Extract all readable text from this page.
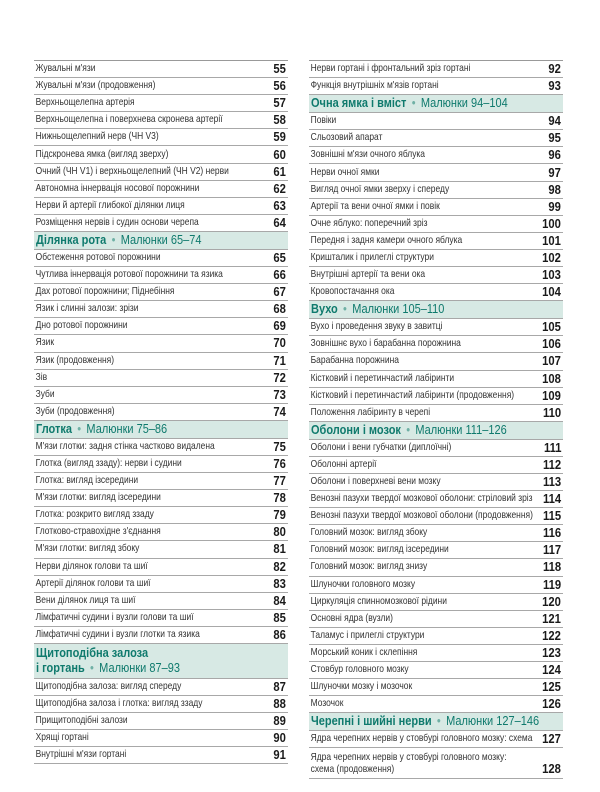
Жувальні м'язи	55
Жувальні м'язи (продовження)	56
Верхньощелепна артерія	57
Верхньощелепна і поверхнева скронева артерії	58
Нижньощелепний нерв (ЧН V3)	59
Підскронева ямка (вигляд зверху)	60
Очний (ЧН V1) і верхньощелепний (ЧН V2) нерви	61
Автономна іннервація носової порожнини	62
Нерви й артерії глибокої ділянки лиця	63
Розміщення нервів і судин основи черепа	64
Ділянка рота • Малюнки 65–74
Обстеження ротової порожнини	65
Чутлива іннервація ротової порожнини та язика	66
Дах ротової порожнини; Піднебіння	67
Язик і слинні залози: зрізи	68
Дно ротової порожнини	69
Язик	70
Язик (продовження)	71
Зів	72
Зуби	73
Зуби (продовження)	74
Глотка • Малюнки 75–86
М'язи глотки: задня стінка частково видалена	75
Глотка (вигляд ззаду): нерви і судини	76
Глотка: вигляд ізсередини	77
М'язи глотки: вигляд ізсередини	78
Глотка: розкрито вигляд ззаду	79
Глотково-стравохідне з'єднання	80
М'язи глотки: вигляд збоку	81
Нерви ділянок голови та шиї	82
Артерії ділянок голови та шиї	83
Вени ділянок лиця та шиї	84
Лімфатичні судини і вузли голови та шиї	85
Лімфатичні судини і вузли глотки та язика	86
Щитоподібна залоза
і гортань • Малюнки 87–93
Щитоподібна залоза: вигляд спереду	87
Щитоподібна залоза і глотка: вигляд ззаду	88
Прищитоподібні залози	89
Хрящі гортані	90
Внутрішні м'язи гортані	91
Нерви гортані і фронтальний зріз гортані	92
Функція внутрішніх м'язів гортані	93
Очна ямка і вміст • Малюнки 94–104
Повіки	94
Сльозовий апарат	95
Зовнішні м'язи очного яблука	96
Нерви очної ямки	97
Вигляд очної ямки зверху і спереду	98
Артерії та вени очної ямки і повік	99
Очне яблуко: поперечний зріз	100
Передня і задня камери очного яблука	101
Кришталик і прилеглі структури	102
Внутрішні артерії та вени ока	103
Кровопостачання ока	104
Вухо • Малюнки 105–110
Вухо і проведення звуку в завитці	105
Зовнішнє вухо і барабанна порожнина	106
Барабанна порожнина	107
Кістковий і перетинчастий лабіринти	108
Кістковий і перетинчастий лабіринти (продовження) 109
Положення лабіринту в черепі	110
Оболони і мозок • Малюнки 111–126
Оболони і вени губчатки (диплоїчні)	111
Оболонні артерії	112
Оболони і поверхневі вени мозку	113
Венозні пазухи твердої мозкової оболони: стріловий зріз 114
Венозні пазухи твердої мозкової оболони (продовження) 115
Головний мозок: вигляд збоку	116
Головний мозок: вигляд ізсередини	117
Головний мозок: вигляд знизу	118
Шлуночки головного мозку	119
Циркуляція спинномозкової рідини	120
Основні ядра (вузли)	121
Таламус і прилеглі структури	122
Морський коник і склепіння	123
Стовбур головного мозку	124
Шлуночки мозку і мозочок	125
Мозочок	126
Черепні і шийні нерви • Малюнки 127–146
Ядра черепних нервів у стовбурі головного мозку: схема 127
Ядра черепних нервів у стовбурі головного мозку:
схема (продовження)	128
